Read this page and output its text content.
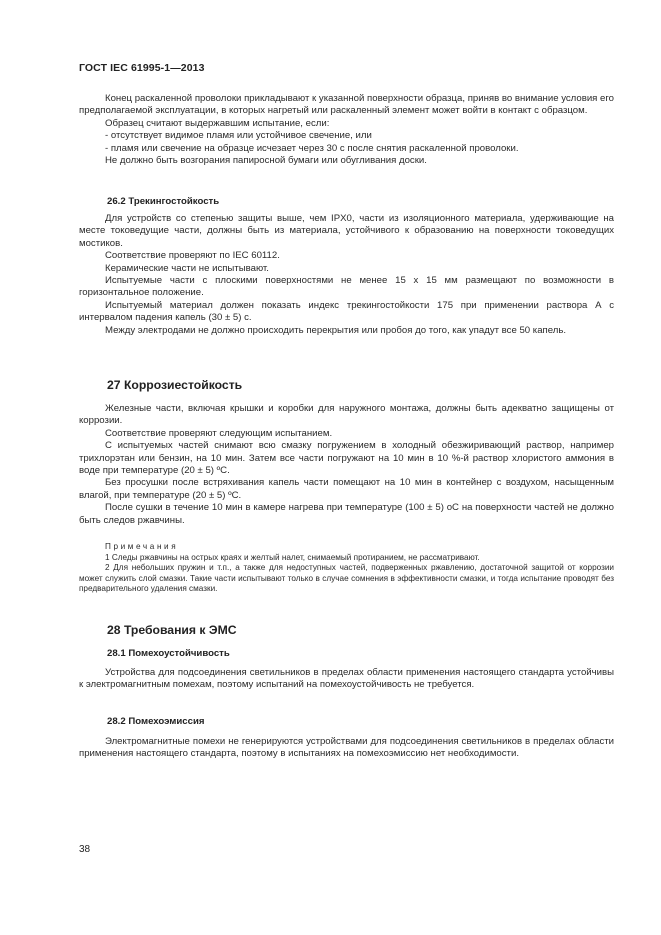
ГОСТ IEC 61995-1—2013

Конец раскаленной проволоки прикладывают к указанной поверхности образца, приняв во внимание условия его предполагаемой эксплуатации, в которых нагретый или раскаленный элемент может войти в контакт с образцом.

Образец считают выдержавшим испытание, если:

- отсутствует видимое пламя или устойчивое свечение, или

- пламя или свечение на образце исчезает через 30 с после снятия раскаленной проволоки.

Не должно быть возгорания папиросной бумаги или обугливания доски.

26.2 Трекингостойкость

Для устройств со степенью защиты выше, чем IPX0, части из изоляционного материала, удерживающие на месте токоведущие части, должны быть из материала, устойчивого к образованию на поверхности токоведущих мостиков.

Соответствие проверяют по IEC 60112.

Керамические части не испытывают.

Испытуемые части с плоскими поверхностями не менее 15 х 15 мм размещают по возможности в горизонтальное положение.

Испытуемый материал должен показать индекс трекингостойкости 175 при применении раствора А с интервалом падения капель (30 ± 5) с.

Между электродами не должно происходить перекрытия или пробоя до того, как упадут все 50 капель.

27 Коррозиестойкость

Железные части, включая крышки и коробки для наружного монтажа, должны быть адекватно защищены от коррозии.

Соответствие проверяют следующим испытанием.

С испытуемых частей снимают всю смазку погружением в холодный обезжиривающий раствор, например трихлорэтан или бензин, на 10 мин. Затем все части погружают на 10 мин в 10 %-й раствор хлористого аммония в воде при температуре (20 ± 5) ºС.

Без просушки после встряхивания капель части помещают на 10 мин в контейнер с воздухом, насыщенным влагой, при температуре (20 ± 5) ºС.

После сушки в течение 10 мин в камере нагрева при температуре (100 ± 5) оС на поверхности частей не должно быть следов ржавчины.

Примечания

1 Следы ржавчины на острых краях и желтый налет, снимаемый протиранием, не рассматривают.

2 Для небольших пружин и т.п., а также для недоступных частей, подверженных ржавлению, достаточной защитой от коррозии может служить слой смазки. Такие части испытывают только в случае сомнения в эффективности смазки, и тогда испытание проводят без предварительного удаления смазки.

28 Требования к ЭМС
28.1 Помехоустойчивость

Устройства для подсоединения светильников в пределах области применения настоящего стандарта устойчивы к электромагнитным помехам, поэтому испытаний на помехоустойчивость не требуется.

28.2 Помехоэмиссия

Электромагнитные помехи не генерируются устройствами для подсоединения светильников в пределах области применения настоящего стандарта, поэтому в испытаниях на помехоэмиссию нет необходимости.

38
